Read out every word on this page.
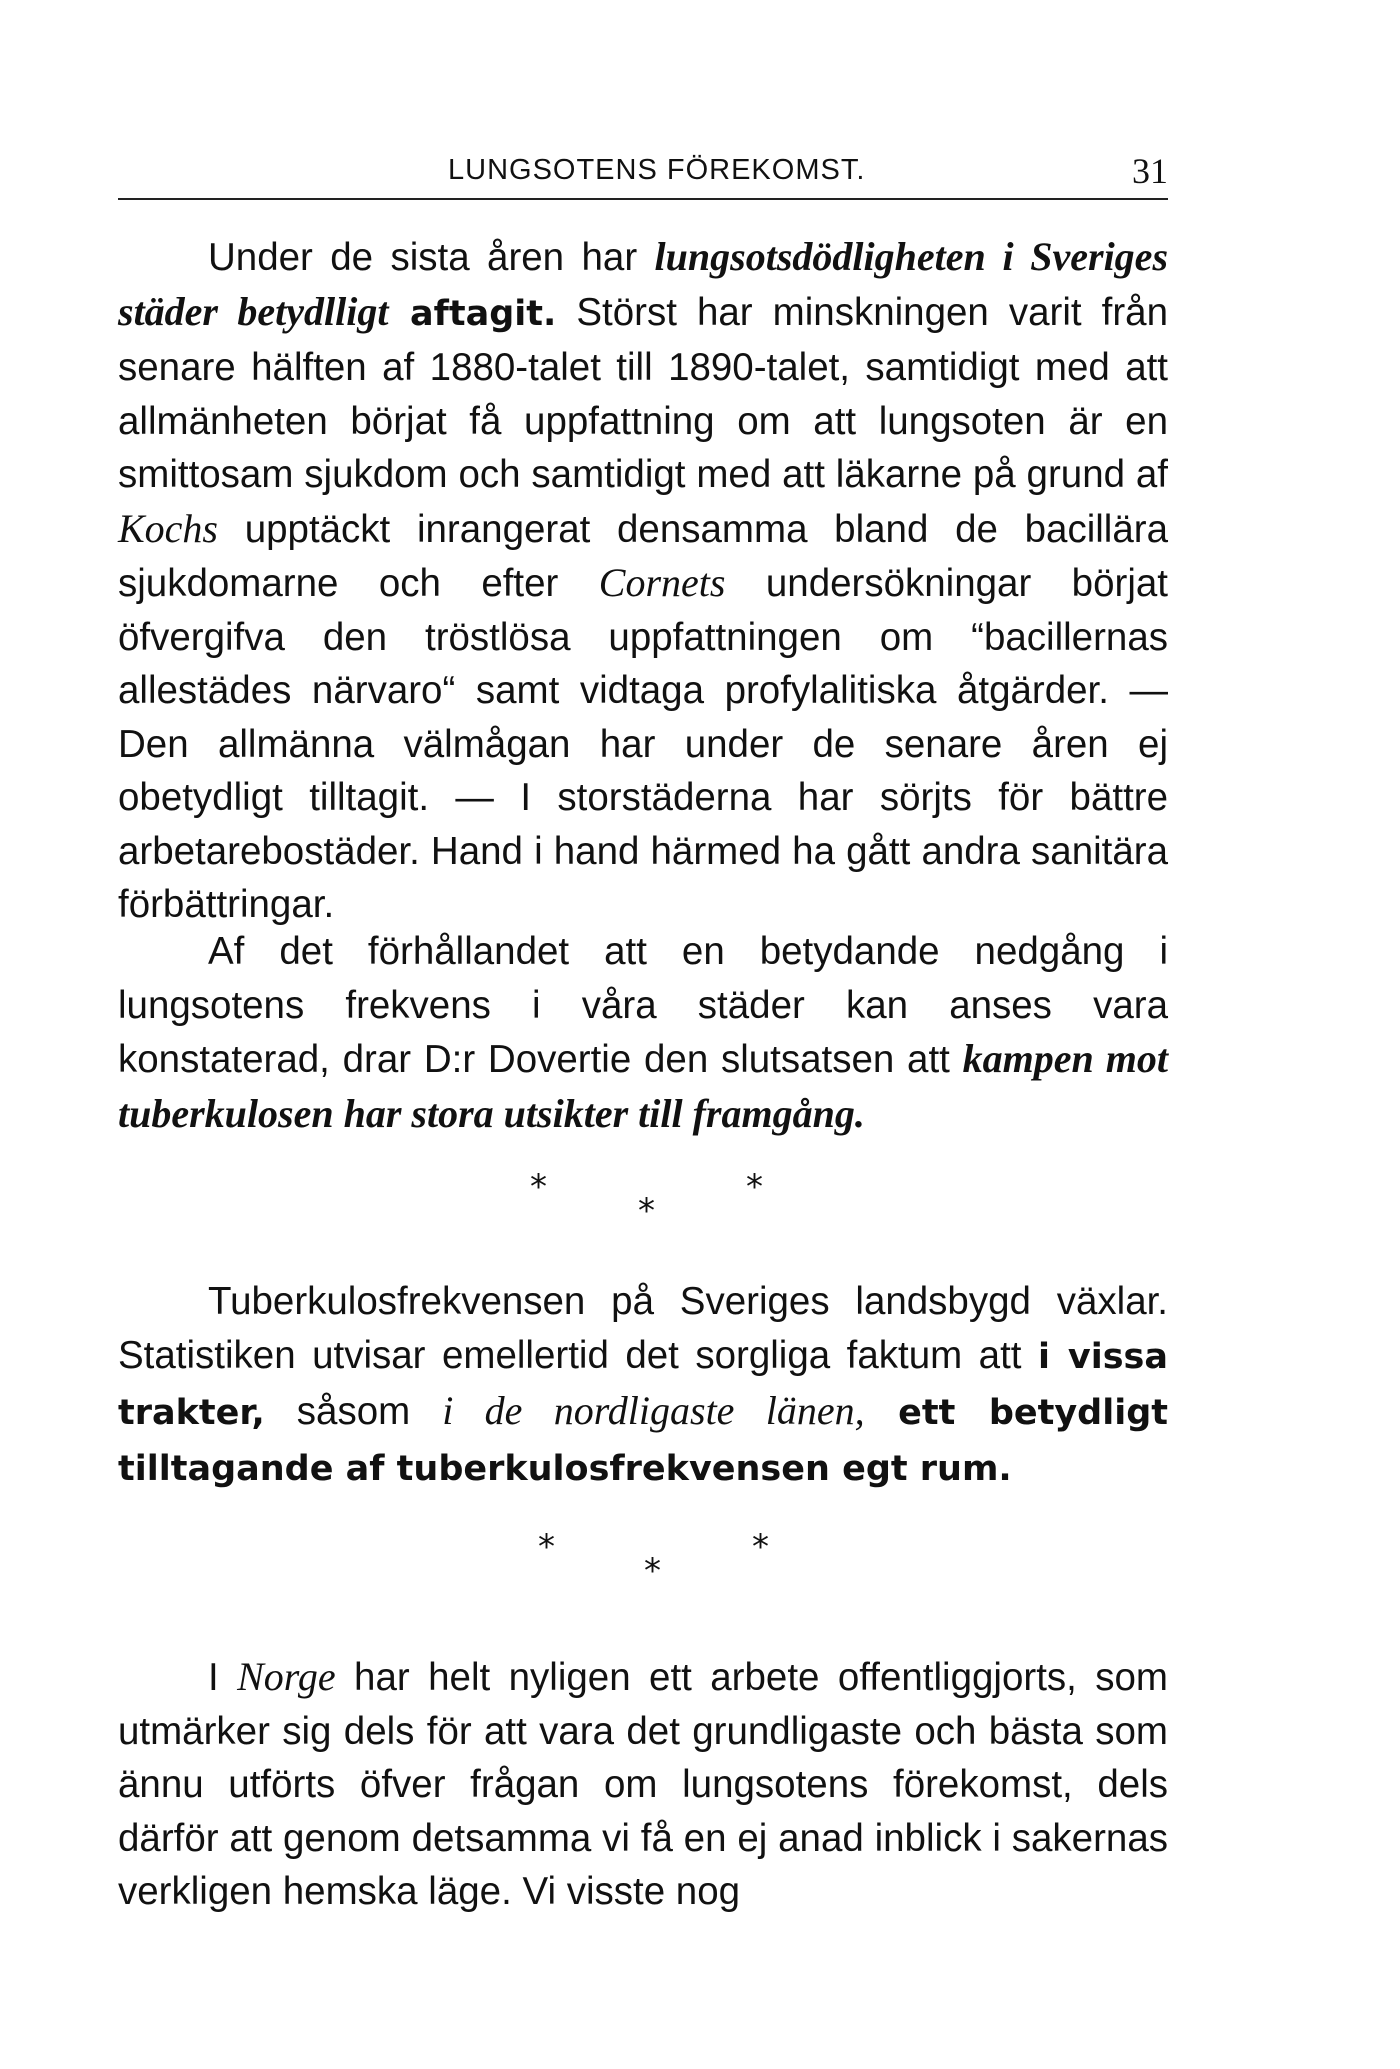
LUNGSOTENS FÖREKOMST.	31

Under de sista åren har lungsotsdödligheten i Sveriges städer betydlligt aftagit. Störst har minskningen varit från senare hälften af 1880-talet till 1890-talet, samtidigt med att allmänheten börjat få uppfattning om att lungsoten är en smittosam sjukdom och samtidigt med att läkarne på grund af Kochs upptäckt inrangerat densamma bland de bacillära sjukdomarne och efter Cornets undersökningar börjat öfvergifva den tröstlösa uppfattningen om “bacillernas allestädes närvaro“ samt vidtaga profylalitiska åtgärder. — Den allmänna välmågan har under de senare åren ej obetydligt tilltagit. — I storstäderna har sörjts för bättre arbetarebostäder. Hand i hand härmed ha gått andra sanitära förbättringar.

Af det förhållandet att en betydande nedgång i lungsotens frekvens i våra städer kan anses vara konstaterad, drar D:r Dovertie den slutsatsen att kampen mot tuberkulosen har stora utsikter till framgång.

*
*
*

Tuberkulosfrekvensen på Sveriges landsbygd växlar. Statistiken utvisar emellertid det sorgliga faktum att i vissa trakter, såsom i de nordligaste länen, ett betydligt tilltagande af tuberkulosfrekvensen egt rum.

*
*
*

I Norge har helt nyligen ett arbete offentliggjorts, som utmärker sig dels för att vara det grundligaste och bästa som ännu utförts öfver frågan om lungsotens förekomst, dels därför att genom detsamma vi få en ej anad inblick i sakernas verkligen hemska läge. Vi visste nog
